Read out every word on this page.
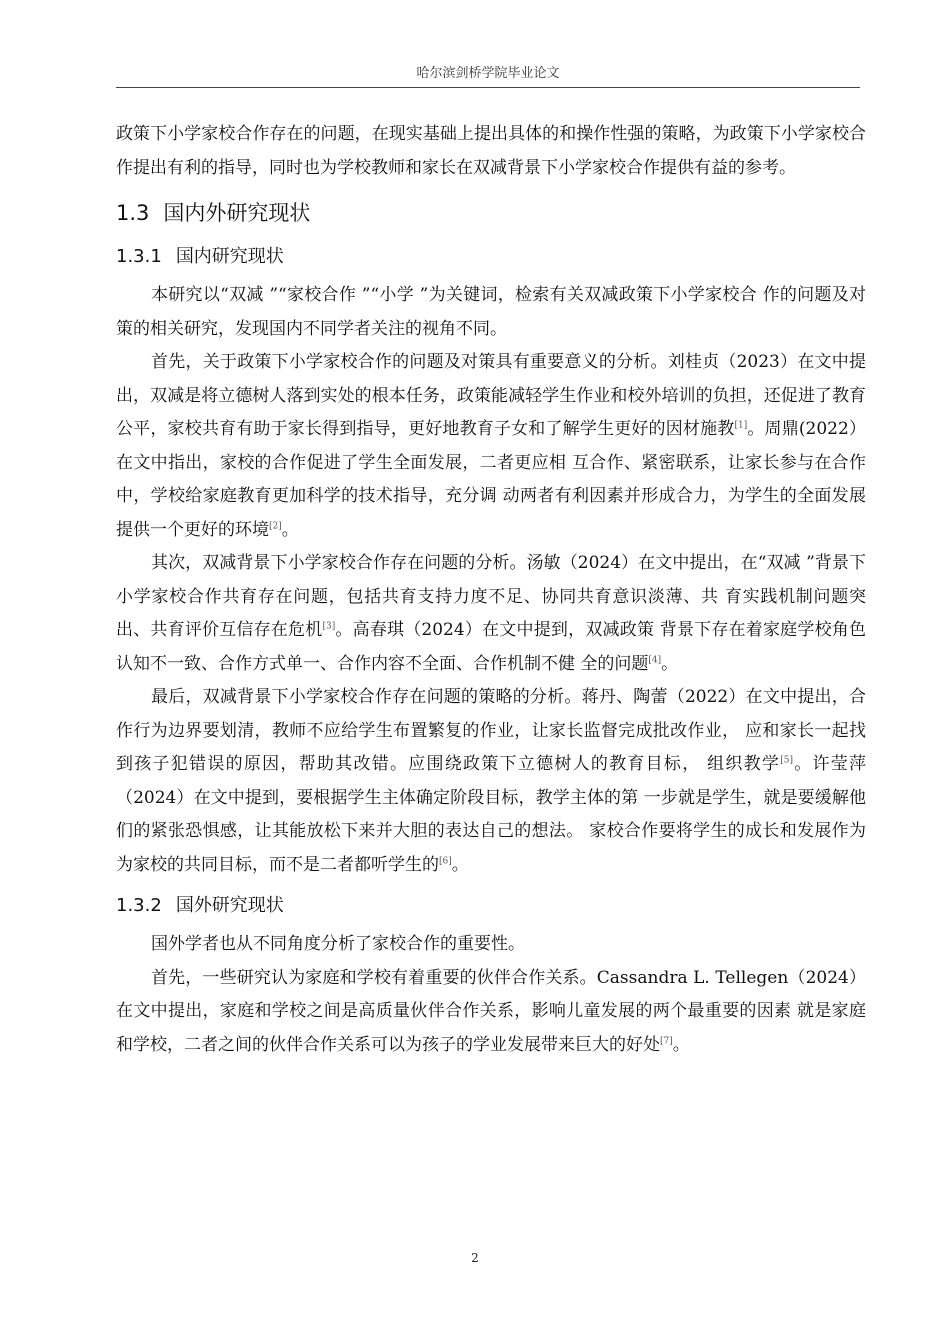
哈尔滨剑桥学院毕业论文

政策下小学家校合作存在的问题，在现实基础上提出具体的和操作性强的策略，为政策下小学家校合作提出有利的指导，同时也为学校教师和家长在双减背景下小学家校合作提供有益的参考。

1.3 国内外研究现状
1.3.1 国内研究现状

本研究以“双减 ”“家校合作 ”“小学 ”为关键词，检索有关双减政策下小学家校合 作的问题及对策的相关研究，发现国内不同学者关注的视角不同。

首先，关于政策下小学家校合作的问题及对策具有重要意义的分析。刘桂贞（2023）在文中提出，双减是将立德树人落到实处的根本任务，政策能减轻学生作业和校外培训的负担，还促进了教育公平，家校共育有助于家长得到指导，更好地教育子女和了解学生更好的因材施教[1]。周鼎(2022）在文中指出，家校的合作促进了学生全面发展，二者更应相 互合作、紧密联系，让家长参与在合作中，学校给家庭教育更加科学的技术指导，充分调 动两者有利因素并形成合力，为学生的全面发展提供一个更好的环境[2]。

其次，双减背景下小学家校合作存在问题的分析。汤敏（2024）在文中提出，在“双减 ”背景下小学家校合作共育存在问题，包括共育支持力度不足、协同共育意识淡薄、共 育实践机制问题突出、共育评价互信存在危机[3]。高春琪（2024）在文中提到，双减政策 背景下存在着家庭学校角色认知不一致、合作方式单一、合作内容不全面、合作机制不健 全的问题[4]。

最后，双减背景下小学家校合作存在问题的策略的分析。蒋丹、陶蕾（2022）在文中提出，合作行为边界要划清，教师不应给学生布置繁复的作业，让家长监督完成批改作业， 应和家长一起找到孩子犯错误的原因，帮助其改错。应围绕政策下立德树人的教育目标， 组织教学[5]。许莹萍（2024）在文中提到，要根据学生主体确定阶段目标，教学主体的第 一步就是学生，就是要缓解他们的紧张恐惧感，让其能放松下来并大胆的表达自己的想法。 家校合作要将学生的成长和发展作为为家校的共同目标，而不是二者都听学生的[6]。

1.3.2 国外研究现状

国外学者也从不同角度分析了家校合作的重要性。

首先，一些研究认为家庭和学校有着重要的伙伴合作关系。Cassandra L. Tellegen（2024） 在文中提出，家庭和学校之间是高质量伙伴合作关系，影响儿童发展的两个最重要的因素 就是家庭和学校，二者之间的伙伴合作关系可以为孩子的学业发展带来巨大的好处[7]。

2
